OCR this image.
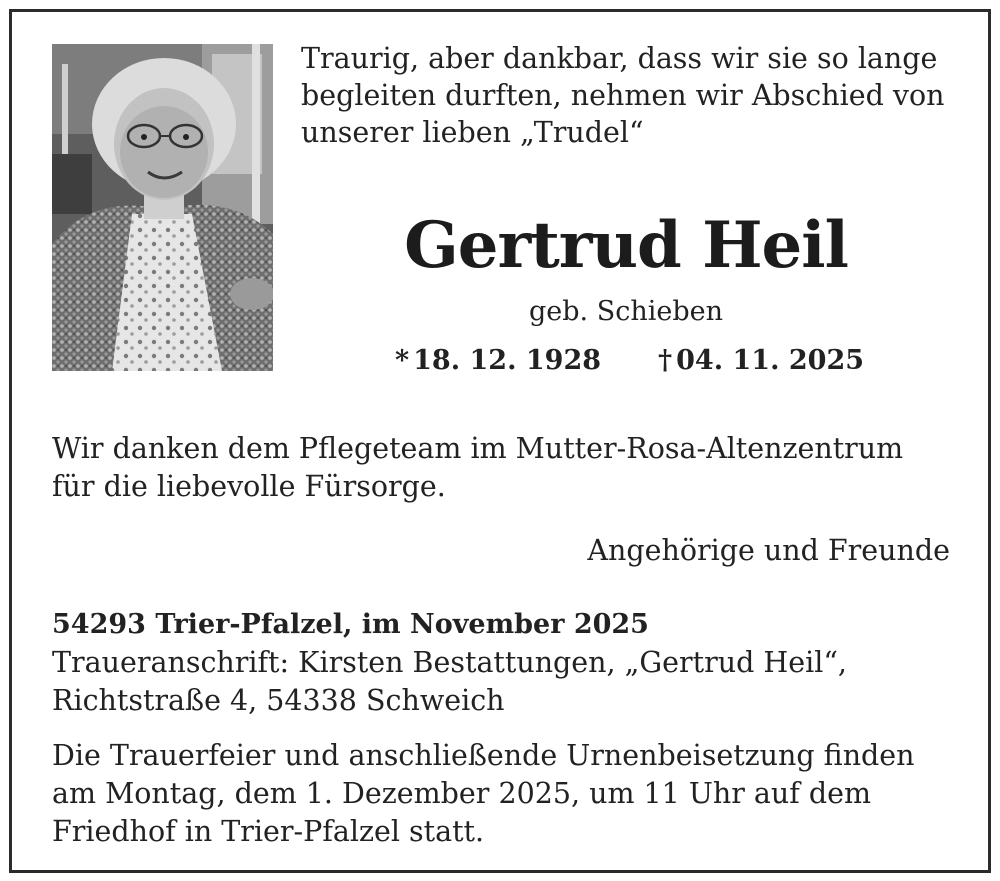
Traurig, aber dankbar, dass wir sie so lange
begleiten durften, nehmen wir Abschied von
unserer lieben „Trudel“

Gertrud Heil

geb. Schieben

* 18. 12. 1928 † 04. 11. 2025

Wir danken dem Pflegeteam im Mutter-Rosa-Altenzentrum
für die liebevolle Fürsorge.

Angehörige und Freunde

54293 Trier-Pfalzel, im November 2025

Traueranschrift: Kirsten Bestattungen, „Gertrud Heil“,
Richtstraße 4, 54338 Schweich

Die Trauerfeier und anschließende Urnenbeisetzung finden
am Montag, dem 1. Dezember 2025, um 11 Uhr auf dem
Friedhof in Trier-Pfalzel statt.
